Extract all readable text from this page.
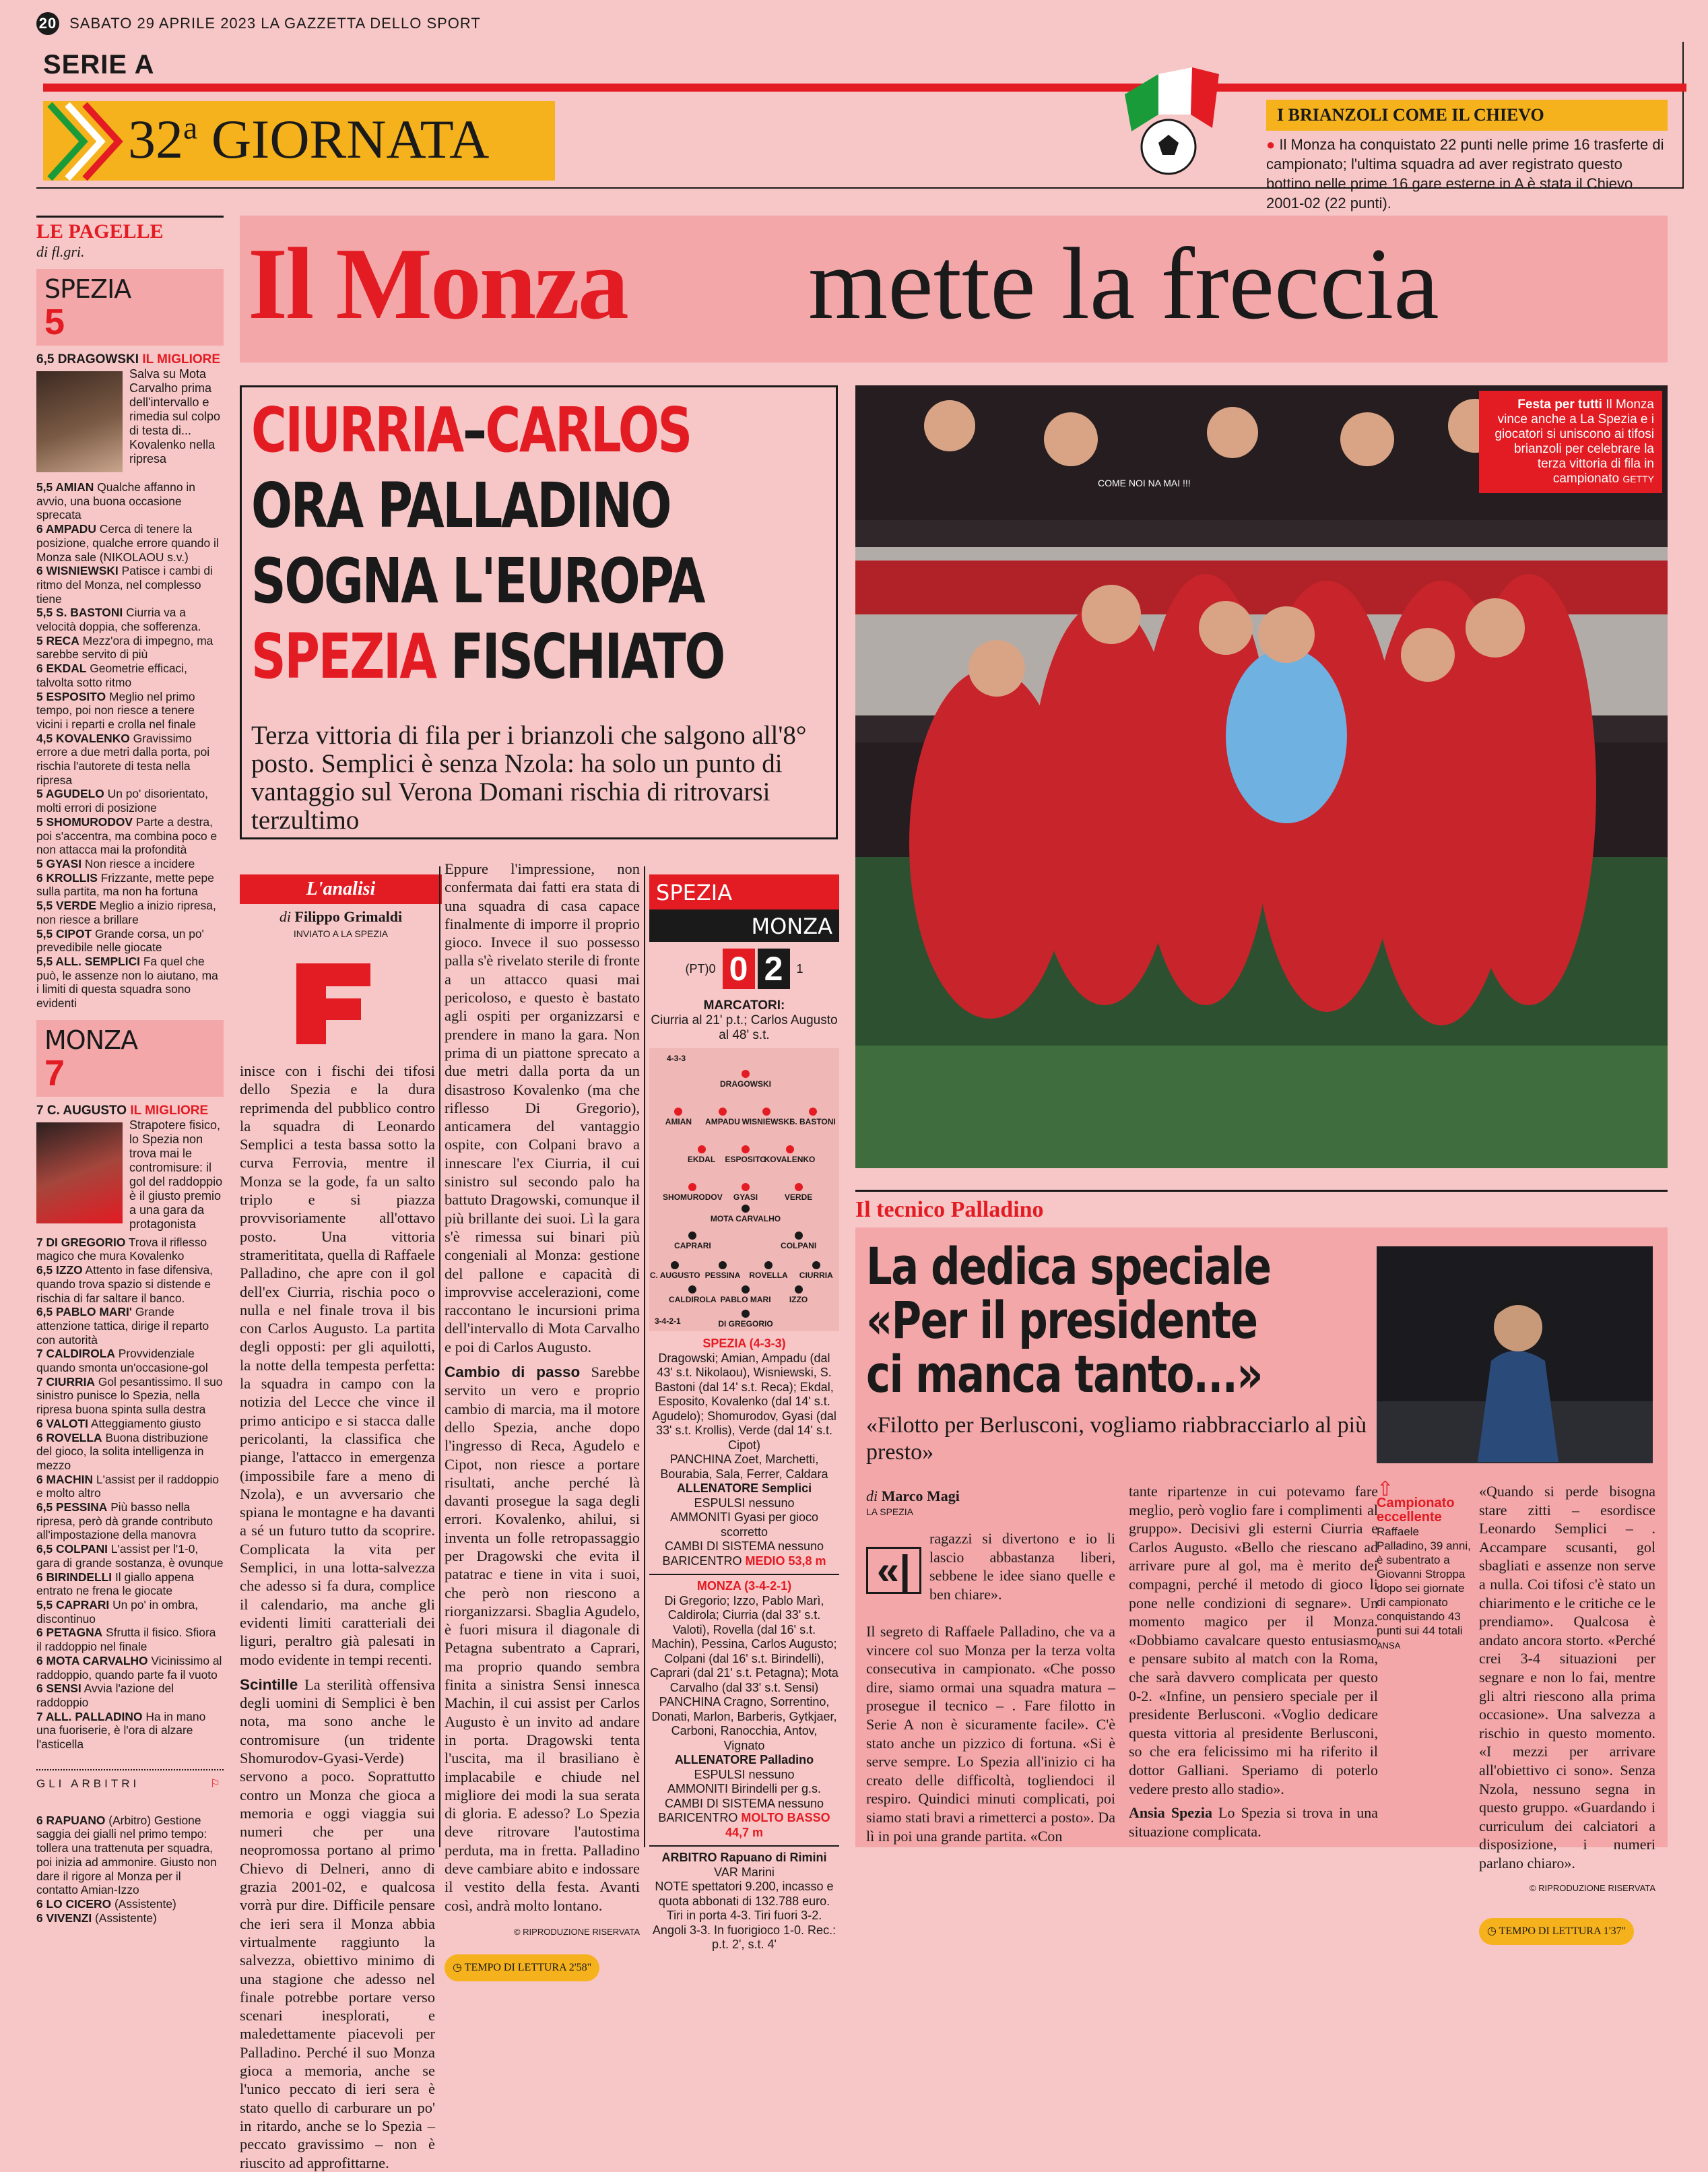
20 SABATO 29 APRILE 2023 LA GAZZETTA DELLO SPORT
SERIE A
32$^a$ GIORNATA	I BRIANZOLI COME IL CHIEVO
● Il Monza ha conquistato 22 punti nelle prime 16 trasferte di campionato; l'ultima squadra ad aver registrato questo bottino nelle prime 16 gare esterne in A è stata il Chievo 2001-02 (22 punti).
LE PAGELLE
di fl.gri.
SPEZIA
5
6,5 DRAGOWSKI IL MIGLIORE
Salva su Mota Carvalho prima dell'intervallo e rimedia sul colpo di testa di... Kovalenko nella ripresa
5,5 AMIAN Qualche affanno in avvio, una buona occasione sprecata
6 AMPADU Cerca di tenere la posizione, qualche errore quando il Monza sale (NIKOLAOU s.v.)
6 WISNIEWSKI Patisce i cambi di ritmo del Monza, nel complesso tiene
5,5 S. BASTONI Ciurria va a velocità doppia, che sofferenza.
5 RECA Mezz'ora di impegno, ma sarebbe servito di più
6 EKDAL Geometrie efficaci, talvolta sotto ritmo
5 ESPOSITO Meglio nel primo tempo, poi non riesce a tenere vicini i reparti e crolla nel finale
4,5 KOVALENKO Gravissimo errore a due metri dalla porta, poi rischia l'autorete di testa nella ripresa
5 AGUDELO Un po' disorientato, molti errori di posizione
5 SHOMURODOV Parte a destra, poi s'accentra, ma combina poco e non attacca mai la profondità
5 GYASI Non riesce a incidere
6 KROLLIS Frizzante, mette pepe sulla partita, ma non ha fortuna
5,5 VERDE Meglio a inizio ripresa, non riesce a brillare
5,5 CIPOT Grande corsa, un po' prevedibile nelle giocate
5,5 ALL. SEMPLICI Fa quel che può, le assenze non lo aiutano, ma i limiti di questa squadra sono evidenti
MONZA
7
7 C. AUGUSTO IL MIGLIORE
Strapotere fisico, lo Spezia non trova mai le contromisure: il gol del raddoppio è il giusto premio a una gara da protagonista
7 DI GREGORIO Trova il riflesso magico che mura Kovalenko
6,5 IZZO Attento in fase difensiva, quando trova spazio si distende e rischia di far saltare il banco.
6,5 PABLO MARI' Grande attenzione tattica, dirige il reparto con autorità
7 CALDIROLA Provvidenziale quando smonta un'occasione-gol
7 CIURRIA Gol pesantissimo. Il suo sinistro punisce lo Spezia, nella ripresa buona spinta sulla destra
6 VALOTI Atteggiamento giusto
6 ROVELLA Buona distribuzione del gioco, la solita intelligenza in mezzo
6 MACHIN L'assist per il raddoppio e molto altro
6,5 PESSINA Più basso nella ripresa, però dà grande contributo all'impostazione della manovra
6,5 COLPANI L'assist per l'1-0, gara di grande sostanza, è ovunque
6 BIRINDELLI Il giallo appena entrato ne frena le giocate
5,5 CAPRARI Un po' in ombra, discontinuo
6 PETAGNA Sfrutta il fisico. Sfiora il raddoppio nel finale
6 MOTA CARVALHO Vicinissimo al raddoppio, quando parte fa il vuoto
6 SENSI Avvia l'azione del raddoppio
7 ALL. PALLADINO Ha in mano una fuoriserie, è l'ora di alzare l'asticella
GLI ARBITRI	⚐
6 RAPUANO (Arbitro) Gestione saggia dei gialli nel primo tempo: tollera una trattenuta per squadra, poi inizia ad ammonire. Giusto non dare il rigore al Monza per il contatto Amian-Izzo
6 LO CICERO (Assistente)
6 VIVENZI (Assistente)
Il Monza mette la freccia
CIURRIA–CARLOS
ORA PALLADINO
SOGNA L'EUROPA
SPEZIA FISCHIATO
Terza vittoria di fila per i brianzoli che salgono all'8° posto. Semplici è senza Nzola: ha solo un punto di vantaggio sul Verona Domani rischia di ritrovarsi terzultimo
L'analisi
di Filippo Grimaldi
INVIATO A LA SPEZIA

inisce con i fischi dei tifosi dello Spezia e la dura reprimenda del pubblico contro la squadra di Leonardo Semplici a testa bassa sotto la curva Ferrovia, mentre il Monza se la gode, fa un salto triplo e si piazza provvisoriamente all'ottavo posto. Una vittoria stramerititata, quella di Raffaele Palladino, che apre con il gol dell'ex Ciurria, rischia poco o nulla e nel finale trova il bis con Carlos Augusto. La partita degli opposti: per gli aquilotti, la notte della tempesta perfetta: la squadra in campo con la notizia del Lecce che vince il primo anticipo e si stacca dalle pericolanti, la classifica che piange, l'attacco in emergenza (impossibile fare a meno di Nzola), e un avversario che spiana le montagne e ha davanti a sé un futuro tutto da scoprire. Complicata la vita per Semplici, in una lotta-salvezza che adesso si fa dura, complice il calendario, ma anche gli evidenti limiti caratteriali dei liguri, peraltro già palesati in modo evidente in tempi recenti.

Scintille La sterilità offensiva degli uomini di Semplici è ben nota, ma sono anche le contromisure (un tridente Shomurodov-Gyasi-Verde) servono a poco. Soprattutto contro un Monza che gioca a memoria e oggi viaggia sui numeri che per una neopromossa portano al primo Chievo di Delneri, anno di grazia 2001-02, e qualcosa vorrà pur dire. Difficile pensare che ieri sera il Monza abbia virtualmente raggiunto la salvezza, obiettivo minimo di una stagione che adesso nel finale potrebbe portare verso scenari inesplorati, e maledettamente piacevoli per Palladino. Perché il suo Monza gioca a memoria, anche se l'unico peccato di ieri sera è stato quello di carburare un po' in ritardo, anche se lo Spezia – peccato gravissimo – non è riuscito ad approfittarne.

Eppure l'impressione, non confermata dai fatti era stata di una squadra di casa capace finalmente di imporre il proprio gioco. Invece il suo possesso palla s'è rivelato sterile di fronte a un attacco quasi mai pericoloso, e questo è bastato agli ospiti per organizzarsi e prendere in mano la gara. Non prima di un piattone sprecato a due metri dalla porta da un disastroso Kovalenko (ma che riflesso Di Gregorio), anticamera del vantaggio ospite, con Colpani bravo a innescare l'ex Ciurria, il cui sinistro sul secondo palo ha battuto Dragowski, comunque il più brillante dei suoi. Lì la gara s'è rimessa sui binari più congeniali al Monza: gestione del pallone e capacità di improvvise accelerazioni, come raccontano le incursioni prima dell'intervallo di Mota Carvalho e poi di Carlos Augusto.

Cambio di passo Sarebbe servito un vero e proprio cambio di marcia, ma il motore dello Spezia, anche dopo l'ingresso di Reca, Agudelo e Cipot, non riesce a portare risultati, anche perché là davanti prosegue la saga degli errori. Kovalenko, ahilui, si inventa un folle retropassaggio per Dragowski che evita il patatrac e tiene in vita i suoi, che però non riescono a riorganizzarsi. Sbaglia Agudelo, è fuori misura il diagonale di Petagna subentrato a Caprari, ma proprio quando sembra finita a sinistra Sensi innesca Machin, il cui assist per Carlos Augusto è un invito ad andare in porta. Dragowski tenta l'uscita, ma il brasiliano è implacabile e chiude nel migliore dei modi la sua serata di gloria. E adesso? Lo Spezia deve ritrovare l'autostima perduta, ma in fretta. Palladino deve cambiare abito e indossare il vestito della festa. Avanti così, andrà molto lontano.

© RIPRODUZIONE RISERVATA

◷ TEMPO DI LETTURA 2'58"

SPEZIA
MONZA
(PT) 0 0 2	1
MARCATORI:
Ciurria al 21' p.t.; Carlos Augusto al 48' s.t.
4-3-3
3-4-2-1
DRAGOWSKI
AMIAN AMPADU WISNIEWSKI
S. BASTONI
EKDAL ESPOSITO
KOVALENKO
SHOMURODOV GYASI	VERDE
MOTA CARVALHO
CAPRARI	COLPANI
C. AUGUSTO PESSINA ROVELLA CIURRIA
CALDIROLA PABLO MARI IZZO
DI GREGORIO
SPEZIA (4-3-3)
Dragowski; Amian, Ampadu (dal 43' s.t. Nikolaou), Wisniewski, S. Bastoni (dal 14' s.t. Reca); Ekdal, Esposito, Kovalenko (dal 14' s.t. Agudelo); Shomurodov, Gyasi (dal 33' s.t. Krollis), Verde (dal 14' s.t. Cipot)
PANCHINA Zoet, Marchetti, Bourabia, Sala, Ferrer, Caldara
ALLENATORE Semplici
ESPULSI nessuno
AMMONITI Gyasi per gioco scorretto
CAMBI DI SISTEMA nessuno
BARICENTRO MEDIO 53,8 m
MONZA (3-4-2-1)
Di Gregorio; Izzo, Pablo Marì, Caldirola; Ciurria (dal 33' s.t. Valoti), Rovella (dal 16' s.t. Machin), Pessina, Carlos Augusto; Colpani (dal 16' s.t. Birindelli), Caprari (dal 21' s.t. Petagna); Mota Carvalho (dal 33' s.t. Sensi)
PANCHINA Cragno, Sorrentino, Donati, Marlon, Barberis, Gytkjaer, Carboni, Ranocchia, Antov, Vignato
ALLENATORE Palladino
ESPULSI nessuno
AMMONITI Birindelli per g.s.
CAMBI DI SISTEMA nessuno
BARICENTRO MOLTO BASSO 44,7 m
ARBITRO Rapuano di Rimini
VAR Marini
NOTE spettatori 9.200, incasso e quota abbonati di 132.788 euro. Tiri in porta 4-3. Tiri fuori 3-2. Angoli 3-3. In fuorigioco 1-0. Rec.: p.t. 2', s.t. 4'
COME NOI NA MAI !!!
Festa per tutti Il Monza vince anche a La Spezia e i giocatori si uniscono ai tifosi brianzoli per celebrare la terza vittoria di fila in campionato GETTY
Il tecnico Palladino
La dedica speciale
«Per il presidente
ci manca tanto...»
«Filotto per Berlusconi, vogliamo riabbracciarlo al più presto»
di Marco Magi
LA SPEZIA
«|
ragazzi si divertono e io li lascio abbastanza liberi, sebbene le idee siano quelle e ben chiare».
Il segreto di Raffaele Palladino, che va a vincere col suo Monza per la terza volta consecutiva in campionato. «Che posso dire, siamo ormai una squadra matura – prosegue il tecnico – . Fare filotto in Serie A non è sicuramente facile». C'è stato anche un pizzico di fortuna. «Si è serve sempre. Lo Spezia all'inizio ci ha creato delle difficoltà, togliendoci il respiro. Quindici minuti complicati, poi siamo stati bravi a rimetterci a posto». Da lì in poi una grande partita. «Con

tante ripartenze in cui potevamo fare meglio, però voglio fare i complimenti al gruppo». Decisivi gli esterni Ciurria e Carlos Augusto. «Bello che riescano ad arrivare pure al gol, ma è merito dei compagni, perché il metodo di gioco li pone nelle condizioni di segnare». Un momento magico per il Monza. «Dobbiamo cavalcare questo entusiasmo e pensare subito al match con la Roma, che sarà davvero complicata per questo 0-2. «Infine, un pensiero speciale per il presidente Berlusconi. «Voglio dedicare questa vittoria al presidente Berlusconi, so che era felicissimo mi ha riferito il dottor Galliani. Speriamo di poterlo vedere presto allo stadio».

Ansia Spezia Lo Spezia si trova in una situazione complicata.

⇧
Campionato eccellente
Raffaele Palladino, 39 anni, è subentrato a Giovanni Stroppa dopo sei giornate di campionato conquistando 43 punti sui 44 totali ANSA

«Quando si perde bisogna stare zitti – esordisce Leonardo Semplici – . Accampare scusanti, gol sbagliati e assenze non serve a nulla. Coi tifosi c'è stato un chiarimento e le critiche ce le prendiamo». Qualcosa è andato ancora storto. «Perché crei 3-4 situazioni per segnare e non lo fai, mentre gli altri riescono alla prima occasione». Una salvezza a rischio in questo momento. «I mezzi per arrivare all'obiettivo ci sono». Senza Nzola, nessuno segna in questo gruppo. «Guardando i curriculum dei calciatori a disposizione, i numeri parlano chiaro».

© RIPRODUZIONE RISERVATA

◷ TEMPO DI LETTURA 1'37"
